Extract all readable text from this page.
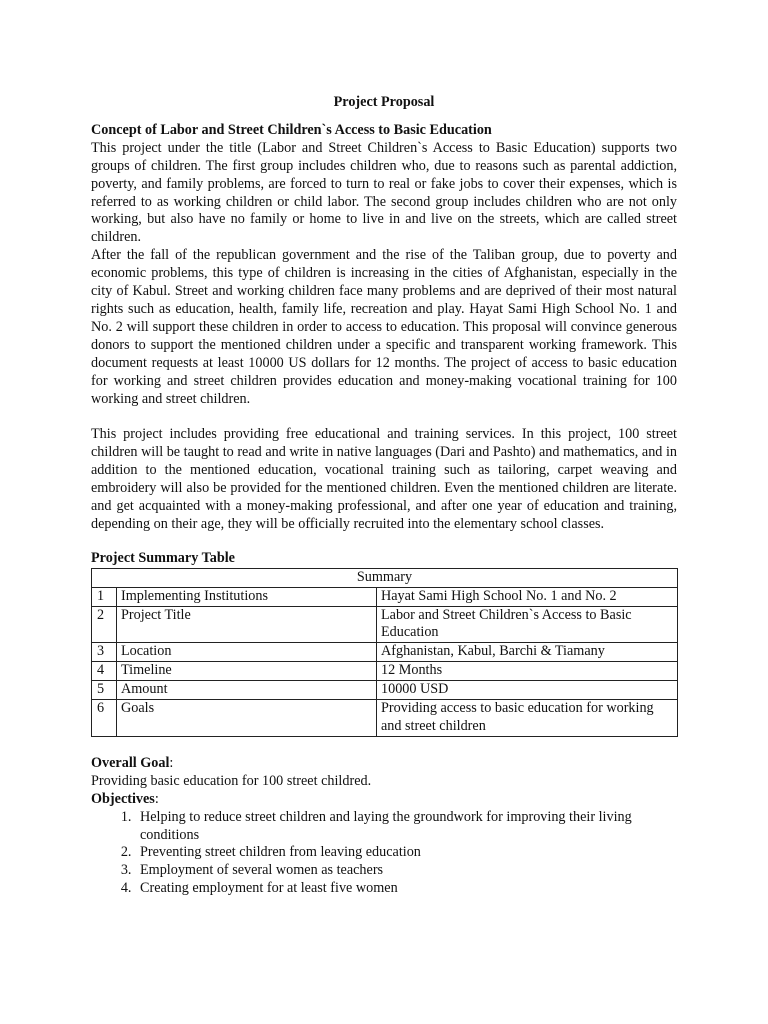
Project Proposal
Concept of Labor and Street Children`s Access to Basic Education

This project under the title (Labor and Street Children`s Access to Basic Education) supports two groups of children. The first group includes children who, due to reasons such as parental addiction, poverty, and family problems, are forced to turn to real or fake jobs to cover their expenses, which is referred to as working children or child labor. The second group includes children who are not only working, but also have no family or home to live in and live on the streets, which are called street children.

After the fall of the republican government and the rise of the Taliban group, due to poverty and economic problems, this type of children is increasing in the cities of Afghanistan, especially in the city of Kabul. Street and working children face many problems and are deprived of their most natural rights such as education, health, family life, recreation and play. Hayat Sami High School No. 1 and No. 2 will support these children in order to access to education. This proposal will convince generous donors to support the mentioned children under a specific and transparent working framework. This document requests at least 10000 US dollars for 12 months. The project of access to basic education for working and street children provides education and money-making vocational training for 100 working and street children.

This project includes providing free educational and training services. In this project, 100 street children will be taught to read and write in native languages (Dari and Pashto) and mathematics, and in addition to the mentioned education, vocational training such as tailoring, carpet weaving and embroidery will also be provided for the mentioned children. Even the mentioned children are literate. and get acquainted with a money-making professional, and after one year of education and training, depending on their age, they will be officially recruited into the elementary school classes.

Project Summary Table
Summary		
1	Implementing Institutions	Hayat Sami High School No. 1 and No. 2
2	Project Title	Labor and Street Children`s Access to Basic Education
3	Location	Afghanistan, Kabul, Barchi & Tiamany
4	Timeline	12 Months
5	Amount	10000 USD
6	Goals	Providing access to basic education for working and street children
Overall Goal:
Providing basic education for 100 street childred.
Objectives:
1. Helping to reduce street children and laying the groundwork for improving their living conditions
2. Preventing street children from leaving education
3. Employment of several women as teachers
4. Creating employment for at least five women
